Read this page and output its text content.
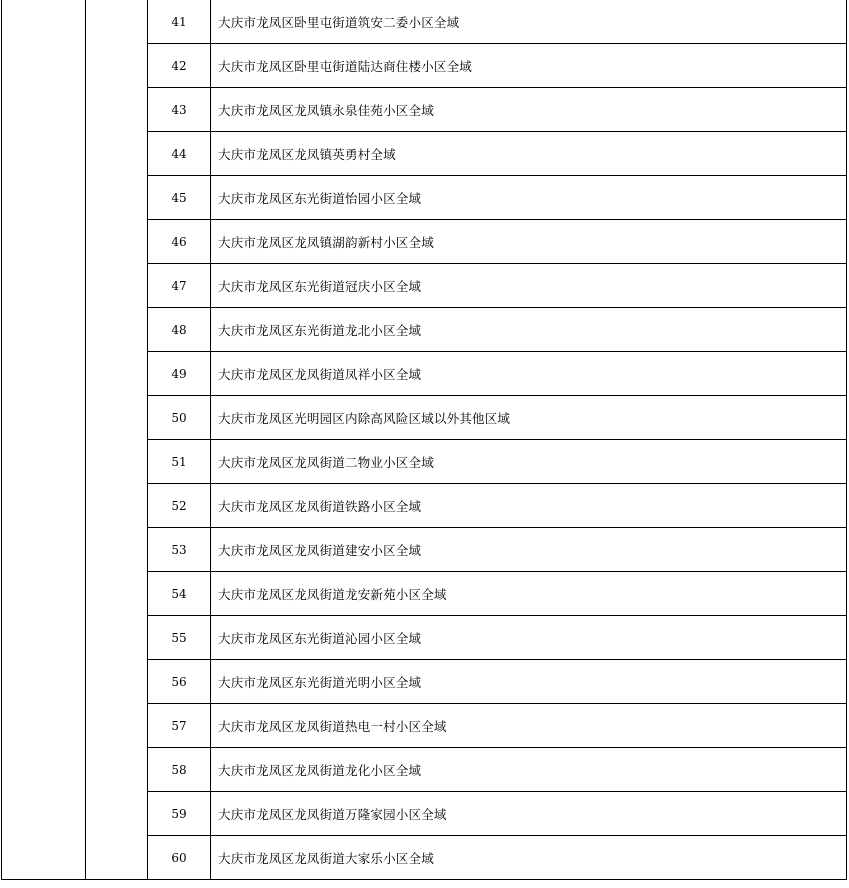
		41	大庆市龙凤区卧里屯街道筑安二委小区全域
		42	大庆市龙凤区卧里屯街道陆达商住楼小区全域
		43	大庆市龙凤区龙凤镇永泉佳苑小区全域
		44	大庆市龙凤区龙凤镇英勇村全域
		45	大庆市龙凤区东光街道怡园小区全域
		46	大庆市龙凤区龙凤镇湖韵新村小区全域
		47	大庆市龙凤区东光街道冠庆小区全域
		48	大庆市龙凤区东光街道龙北小区全域
		49	大庆市龙凤区龙凤街道凤祥小区全域
		50	大庆市龙凤区光明园区内除高风险区域以外其他区域
		51	大庆市龙凤区龙凤街道二物业小区全域
		52	大庆市龙凤区龙凤街道铁路小区全域
		53	大庆市龙凤区龙凤街道建安小区全域
		54	大庆市龙凤区龙凤街道龙安新苑小区全域
		55	大庆市龙凤区东光街道沁园小区全域
		56	大庆市龙凤区东光街道光明小区全域
		57	大庆市龙凤区龙凤街道热电一村小区全域
		58	大庆市龙凤区龙凤街道龙化小区全域
		59	大庆市龙凤区龙凤街道万隆家园小区全域
		60	大庆市龙凤区龙凤街道大家乐小区全域
